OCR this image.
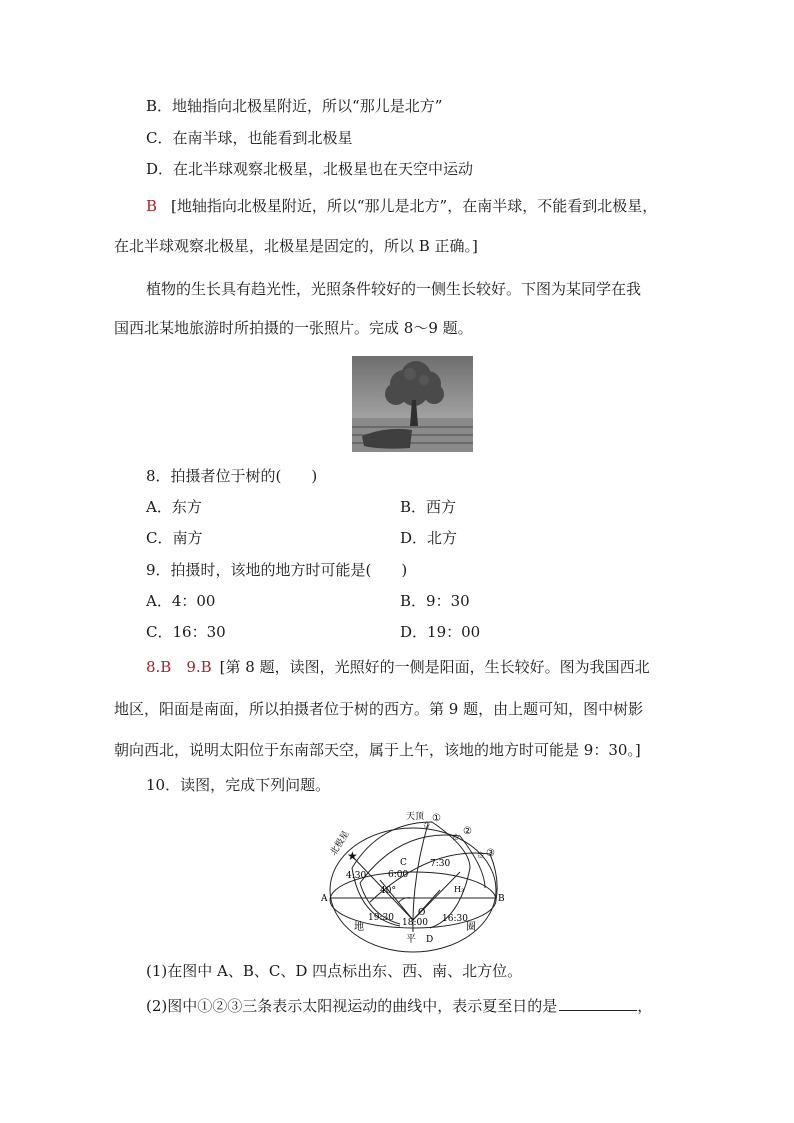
B．地轴指向北极星附近，所以“那儿是北方”
C．在南半球，也能看到北极星
D．在北半球观察北极星，北极星也在天空中运动
B [地轴指向北极星附近，所以“那儿是北方”，在南半球，不能看到北极星，
在北半球观察北极星，北极星是固定的，所以 B 正确。]
植物的生长具有趋光性，光照条件较好的一侧生长较好。下图为某同学在我
国西北某地旅游时所拍摄的一张照片。完成 8～9 题。
8．拍摄者位于树的(　　)
A．东方	B．西方
C．南方	D．北方
9．拍摄时，该地的地方时可能是(　　)
A．4：00	B．9：30
C．16：30	D．19：00
8.B　9.B [第 8 题，读图，光照好的一侧是阳面，生长较好。图为我国西北
地区，阳面是南面，所以拍摄者位于树的西方。第 9 题，由上题可知，图中树影
朝向西北，说明太阳位于东南部天空，属于上午，该地的地方时可能是 9：30。]
10．读图，完成下列问题。
★
✩
✩
✩
天顶 ①
②
③
北极星
4:30
C
6:00
7:30
40°	H₃
A	B
O
19:30 18:00 16:30
地
平
圈
D
(1)在图中 A、B、C、D 四点标出东、西、南、北方位。
(2)图中①②③三条表示太阳视运动的曲线中，表示夏至日的是	，
